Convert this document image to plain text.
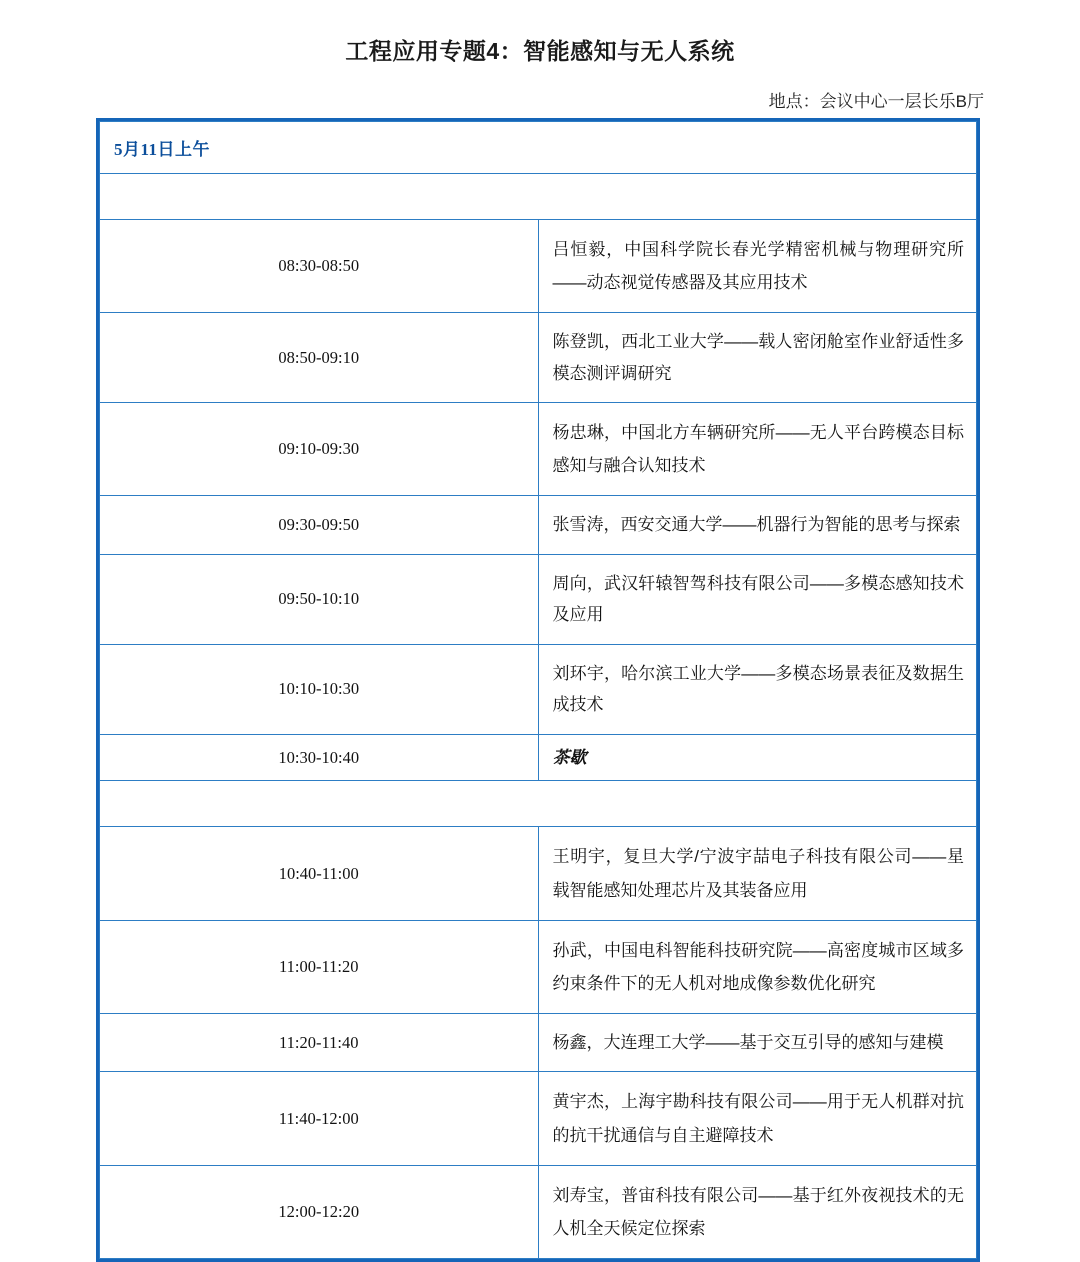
工程应用专题4：智能感知与无人系统
地点：会议中心一层长乐B厅
5月11日上午	
Session1：智能感知与无人系统 I，主持人：姜雨彤	
08:30-08:50	吕恒毅，中国科学院长春光学精密机械与物理研究所——动态视觉传感器及其应用技术
08:50-09:10	陈登凯，西北工业大学——载人密闭舱室作业舒适性多模态测评调研究
09:10-09:30	杨忠琳，中国北方车辆研究所——无人平台跨模态目标感知与融合认知技术
09:30-09:50	张雪涛，西安交通大学——机器行为智能的思考与探索
09:50-10:10	周向，武汉轩辕智驾科技有限公司——多模态感知技术及应用
10:10-10:30	刘环宇，哈尔滨工业大学——多模态场景表征及数据生成技术
10:30-10:40	茶歇
Session2：智能感知与无人系统 II，主持人：吕恒毅	
10:40-11:00	王明宇，复旦大学/宁波宇喆电子科技有限公司——星载智能感知处理芯片及其装备应用
11:00-11:20	孙武，中国电科智能科技研究院——高密度城市区域多约束条件下的无人机对地成像参数优化研究
11:20-11:40	杨鑫，大连理工大学——基于交互引导的感知与建模
11:40-12:00	黄宇杰，上海宇勘科技有限公司——用于无人机群对抗的抗干扰通信与自主避障技术
12:00-12:20	刘寿宝，普宙科技有限公司——基于红外夜视技术的无人机全天候定位探索
